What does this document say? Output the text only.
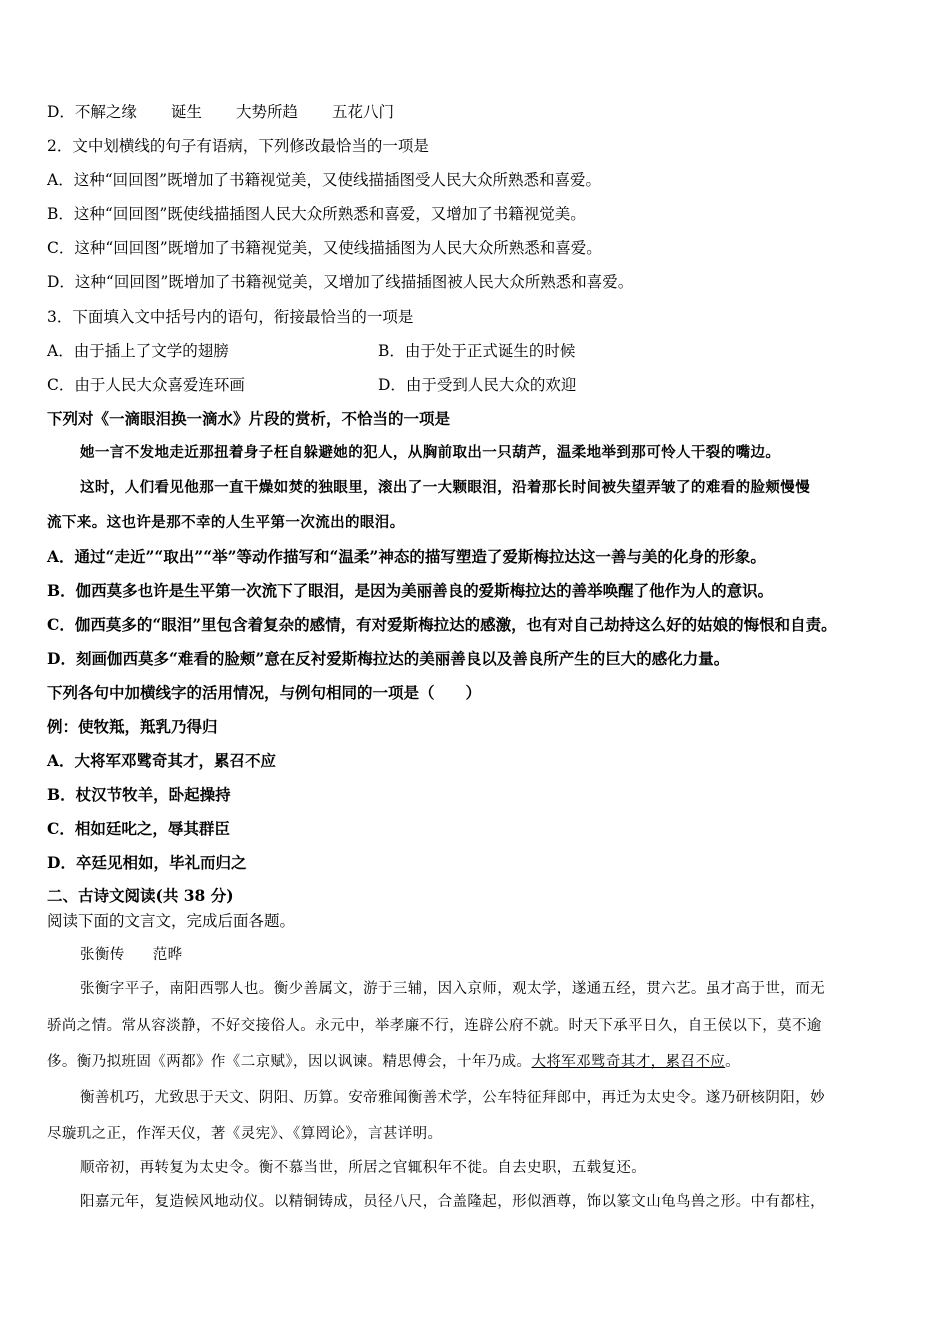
D．不解之缘 诞生 大势所趋 五花八门
2．文中划横线的句子有语病，下列修改最恰当的一项是
A．这种“回回图”既增加了书籍视觉美，又使线描插图受人民大众所熟悉和喜爱。
B．这种“回回图”既使线描插图人民大众所熟悉和喜爱，又增加了书籍视觉美。
C．这种“回回图”既增加了书籍视觉美，又使线描插图为人民大众所熟悉和喜爱。
D．这种“回回图”既增加了书籍视觉美，又增加了线描插图被人民大众所熟悉和喜爱。
3．下面填入文中括号内的语句，衔接最恰当的一项是
A．由于插上了文学的翅膀	B．由于处于正式诞生的时候
C．由于人民大众喜爱连环画	D．由于受到人民大众的欢迎
下列对《一滴眼泪换一滴水》片段的赏析，不恰当的一项是
她一言不发地走近那扭着身子枉自躲避她的犯人，从胸前取出一只葫芦，温柔地举到那可怜人干裂的嘴边。
这时，人们看见他那一直干燥如焚的独眼里，滚出了一大颗眼泪，沿着那长时间被失望弄皱了的难看的脸颊慢慢
流下来。这也许是那不幸的人生平第一次流出的眼泪。
A．通过“走近”“取出”“举”等动作描写和“温柔”神态的描写塑造了爱斯梅拉达这一善与美的化身的形象。
B．伽西莫多也许是生平第一次流下了眼泪，是因为美丽善良的爱斯梅拉达的善举唤醒了他作为人的意识。
C．伽西莫多的“眼泪”里包含着复杂的感情，有对爱斯梅拉达的感激，也有对自己劫持这么好的姑娘的悔恨和自责。
D．刻画伽西莫多“难看的脸颊”意在反衬爱斯梅拉达的美丽善良以及善良所产生的巨大的感化力量。
下列各句中加横线字的活用情况，与例句相同的一项是（　　）
例：使牧羝，羝乳乃得归
A．大将军邓骘奇其才，累召不应
B．杖汉节牧羊，卧起操持
C．相如廷叱之，辱其群臣
D．卒廷见相如，毕礼而归之
二、古诗文阅读(共 38 分)
阅读下面的文言文，完成后面各题。
张衡传 范晔
张衡字平子，南阳西鄂人也。衡少善属文，游于三辅，因入京师，观太学，遂通五经，贯六艺。虽才高于世，而无
骄尚之情。常从容淡静，不好交接俗人。永元中，举孝廉不行，连辟公府不就。时天下承平日久，自王侯以下，莫不逾
侈。衡乃拟班固《两都》作《二京赋》，因以讽谏。精思傅会，十年乃成。大将军邓骘奇其才，累召不应。
衡善机巧，尤致思于天文、阴阳、历算。安帝雅闻衡善术学，公车特征拜郎中，再迁为太史令。遂乃研核阴阳，妙
尽璇玑之正，作浑天仪，著《灵宪》、《算罔论》，言甚详明。
顺帝初，再转复为太史令。衡不慕当世，所居之官辄积年不徙。自去史职，五载复还。
阳嘉元年，复造候风地动仪。以精铜铸成，员径八尺，合盖隆起，形似酒尊，饰以篆文山龟鸟兽之形。中有都柱，
